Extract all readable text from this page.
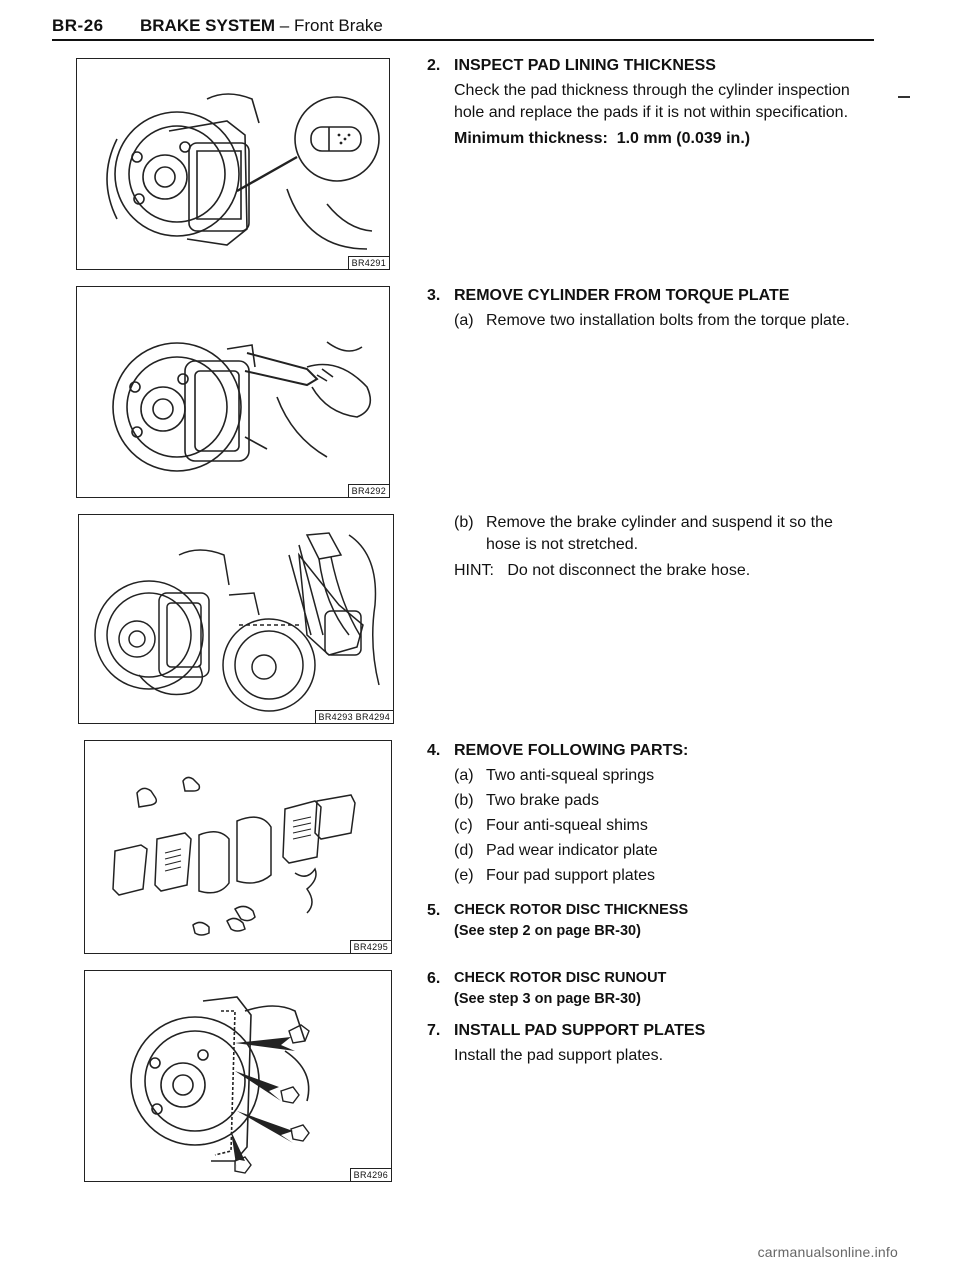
BR-26 BRAKE SYSTEM – Front Brake
BR4291
BR4292
BR4293 BR4294
BR4295
BR4296
2. INSPECT PAD LINING THICKNESS
Check the pad thickness through the cylinder inspection
hole and replace the pads if it is not within specification.
Minimum thickness: 1.0 mm (0.039 in.)
3. REMOVE CYLINDER FROM TORQUE PLATE
(a) Remove two installation bolts from the torque plate.
(b) Remove the brake cylinder and suspend it so the
hose is not stretched.
HINT: Do not disconnect the brake hose.
4. REMOVE FOLLOWING PARTS:
(a) Two anti-squeal springs
(b) Two brake pads
(c) Four anti-squeal shims
(d) Pad wear indicator plate
(e) Four pad support plates
5. CHECK ROTOR DISC THICKNESS
(See step 2 on page BR-30)
6. CHECK ROTOR DISC RUNOUT
(See step 3 on page BR-30)
7. INSTALL PAD SUPPORT PLATES
Install the pad support plates.
carmanualsonline.info
